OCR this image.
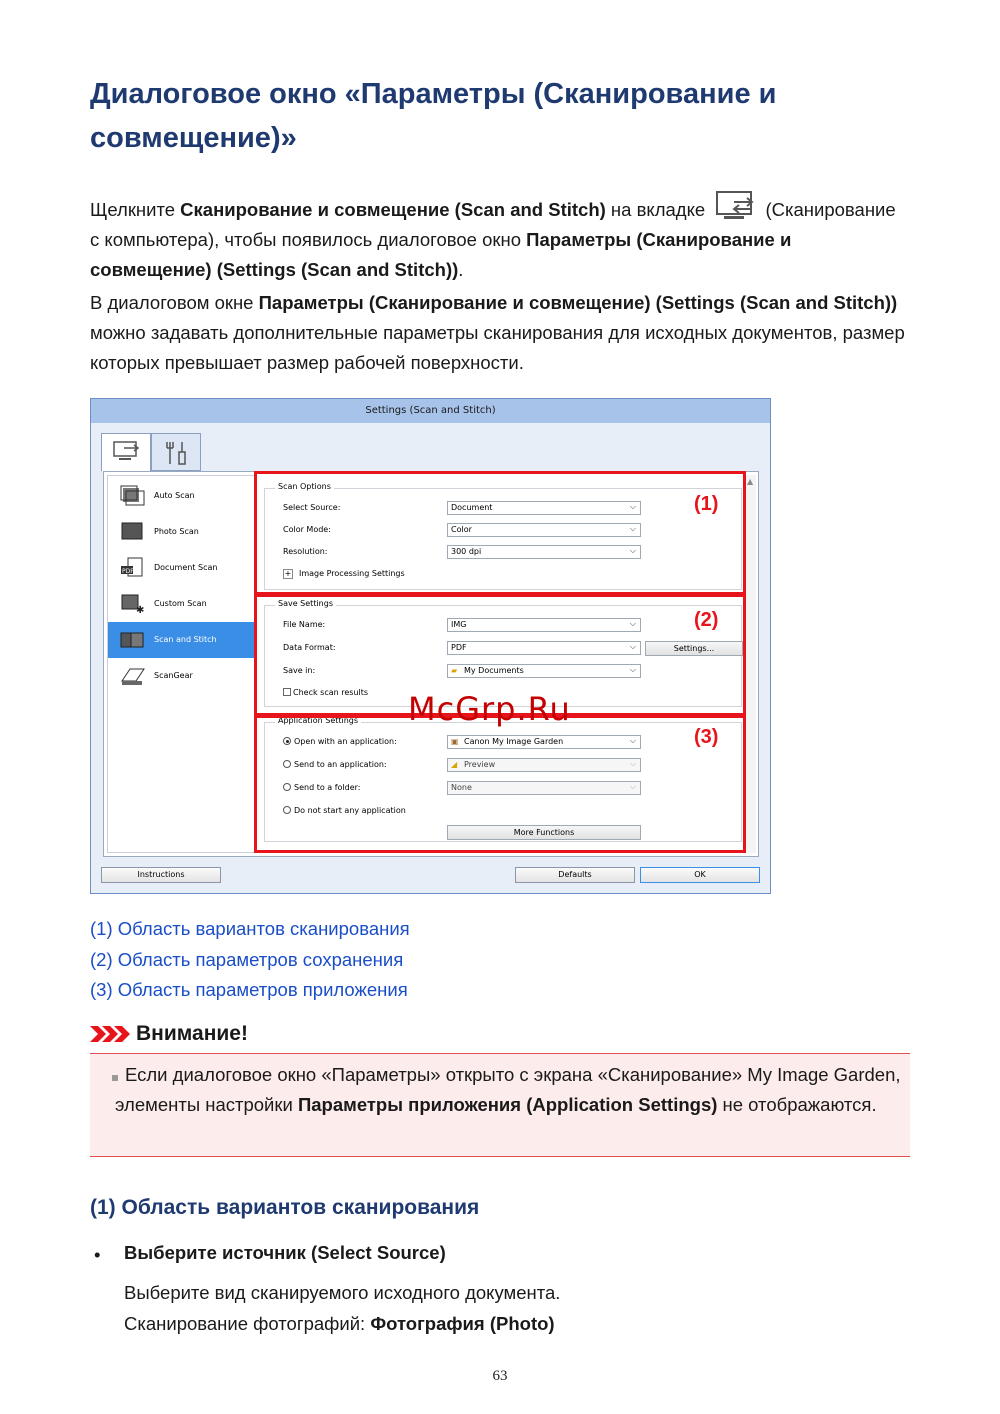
Диалоговое окно «Параметры (Сканирование и совмещение)»

Щелкните Сканирование и совмещение (Scan and Stitch) на вкладке	(Сканирование с компьютера), чтобы появилось диалоговое окно Параметры (Сканирование и совмещение) (Settings (Scan and Stitch)).

В диалоговом окне Параметры (Сканирование и совмещение) (Settings (Scan and Stitch)) можно задавать дополнительные параметры сканирования для исходных документов, размер которых превышает размер рабочей поверхности.

Settings (Scan and Stitch)
Auto Scan
Photo Scan
PDF	Document Scan
✱
Custom Scan
Scan and Stitch
ScanGear
▲
Scan Options
Select Source:	Document ⌵
Color Mode:	Color ⌵
Resolution:	300 dpi ⌵
+ Image Processing Settings
Save Settings
File Name:	IMG ⌵
Data Format:	PDF ⌵	Settings...
Save in:	▰ My Documents ⌵
Check scan results
Application Settings
Open with an application:	▣ Canon My Image Garden ⌵
Send to an application:	◢ Preview ⌵
Send to a folder:	None ⌵
Do not start any application
More Functions
(1)
(2)
(3)
Instructions	Defaults	OK
McGrp.Ru
(1) Область вариантов сканирования
(2) Область параметров сохранения
(3) Область параметров приложения
Внимание!

Если диалоговое окно «Параметры» открыто с экрана «Сканирование» My Image Garden, элементы настройки Параметры приложения (Application Settings) не отображаются.

(1) Область вариантов сканирования
• Выберите источник (Select Source)
Выберите вид сканируемого исходного документа.
Сканирование фотографий: Фотография (Photo)
63
